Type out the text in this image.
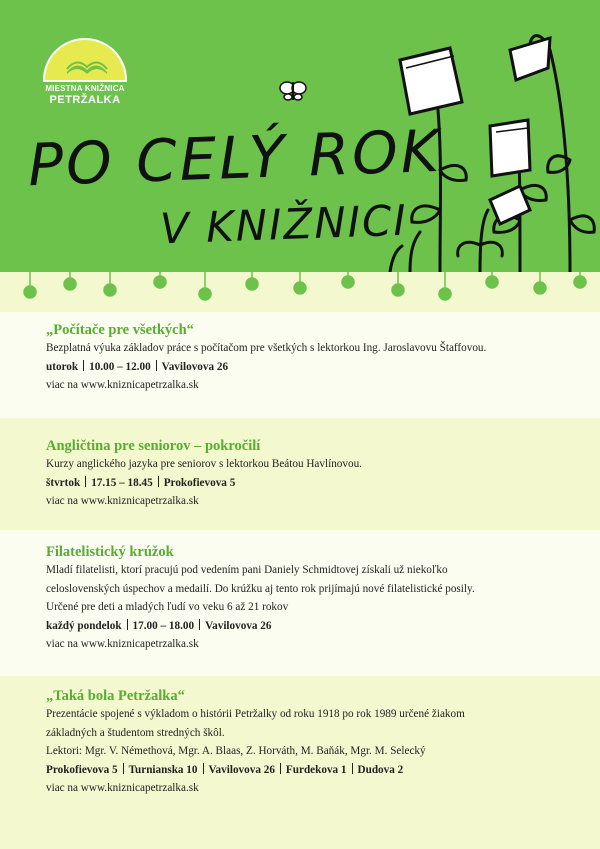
MIESTNA KNIŽNICA
PETRŽALKA
PO CELÝ ROK
V KNIŽNICI
„Počítače pre všetkých“
Bezplatná výuka základov práce s počítačom pre všetkých s lektorkou Ing. Jaroslavovu Štaffovou.
utorok 10.00 – 12.00 Vavilovova 26
viac na www.kniznicapetrzalka.sk
Angličtina pre seniorov – pokročilí
Kurzy anglického jazyka pre seniorov s lektorkou Beátou Havlínovou.
štvrtok 17.15 – 18.45 Prokofievova 5
viac na www.kniznicapetrzalka.sk
Filatelistický krúžok
Mladí filatelisti, ktorí pracujú pod vedením pani Daniely Schmidtovej získali už niekoľko
celoslovenských úspechov a medailí. Do krúžku aj tento rok prijímajú nové filatelistické posily.
Určené pre deti a mladých ľudí vo veku 6 až 21 rokov
každý pondelok 17.00 – 18.00 Vavilovova 26
viac na www.kniznicapetrzalka.sk
„Taká bola Petržalka“
Prezentácie spojené s výkladom o histórii Petržalky od roku 1918 po rok 1989 určené žiakom
základných a študentom stredných škôl.
Lektori: Mgr. V. Némethová, Mgr. A. Blaas, Z. Horváth, M. Baňák, Mgr. M. Selecký
Prokofievova 5 Turnianska 10 Vavilovova 26 Furdekova 1 Dudova 2
viac na www.kniznicapetrzalka.sk
